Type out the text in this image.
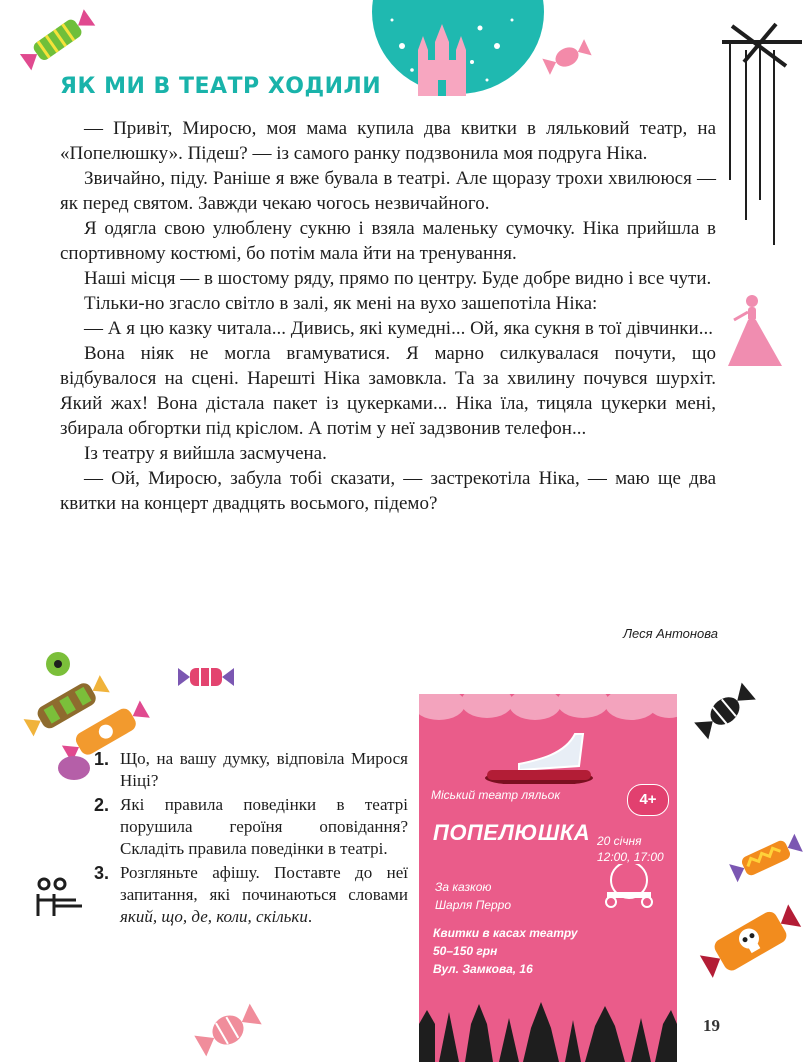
ЯК МИ В ТЕАТР ХОДИЛИ

— Привіт, Миросю, моя мама купила два квитки в ляльковий театр, на «Попелюшку». Підеш? — із самого ранку подзвонила моя подруга Ніка.

Звичайно, піду. Раніше я вже бувала в театрі. Але щоразу трохи хвилююся — як перед святом. Завжди чекаю чогось незвичайного.

Я одягла свою улюблену сукню і взяла маленьку сумочку. Ніка прийшла в спортивному костюмі, бо потім мала йти на тренування.

Наші місця — в шостому ряду, прямо по центру. Буде добре видно і все чути.

Тільки-но згасло світло в залі, як мені на вухо зашепотіла Ніка:

— А я цю казку читала... Дивись, які кумедні... Ой, яка сукня в тої дівчинки...

Вона ніяк не могла вгамуватися. Я марно силкувалася почути, що відбувалося на сцені. Нарешті Ніка замовкла. Та за хвилину почувся шурхіт. Який жах! Вона дістала пакет із цукерками... Ніка їла, тицяла цукерки мені, збирала обгортки під кріслом. А потім у неї задзвонив телефон...

Із театру я вийшла засмучена.

— Ой, Миросю, забула тобі сказати, — застрекотіла Ніка, — маю ще два квитки на концерт двадцять восьмого, підемо?

Леся Антонова
1. Що, на вашу думку, відповіла Мирося Ніці?
2. Які правила поведінки в театрі порушила героїня оповідання? Складіть правила поведінки в театрі.
3. Розгляньте афішу. Поставте до неї запитання, які починаються словами який, що, де, коли, скільки.
Міський театр ляльок	4+
ПОПЕЛЮШКА 20 січня
12:00, 17:00
За казкою
Шарля Перро
Квитки в касах театру
50–150 грн
Вул. Замкова, 16
19
